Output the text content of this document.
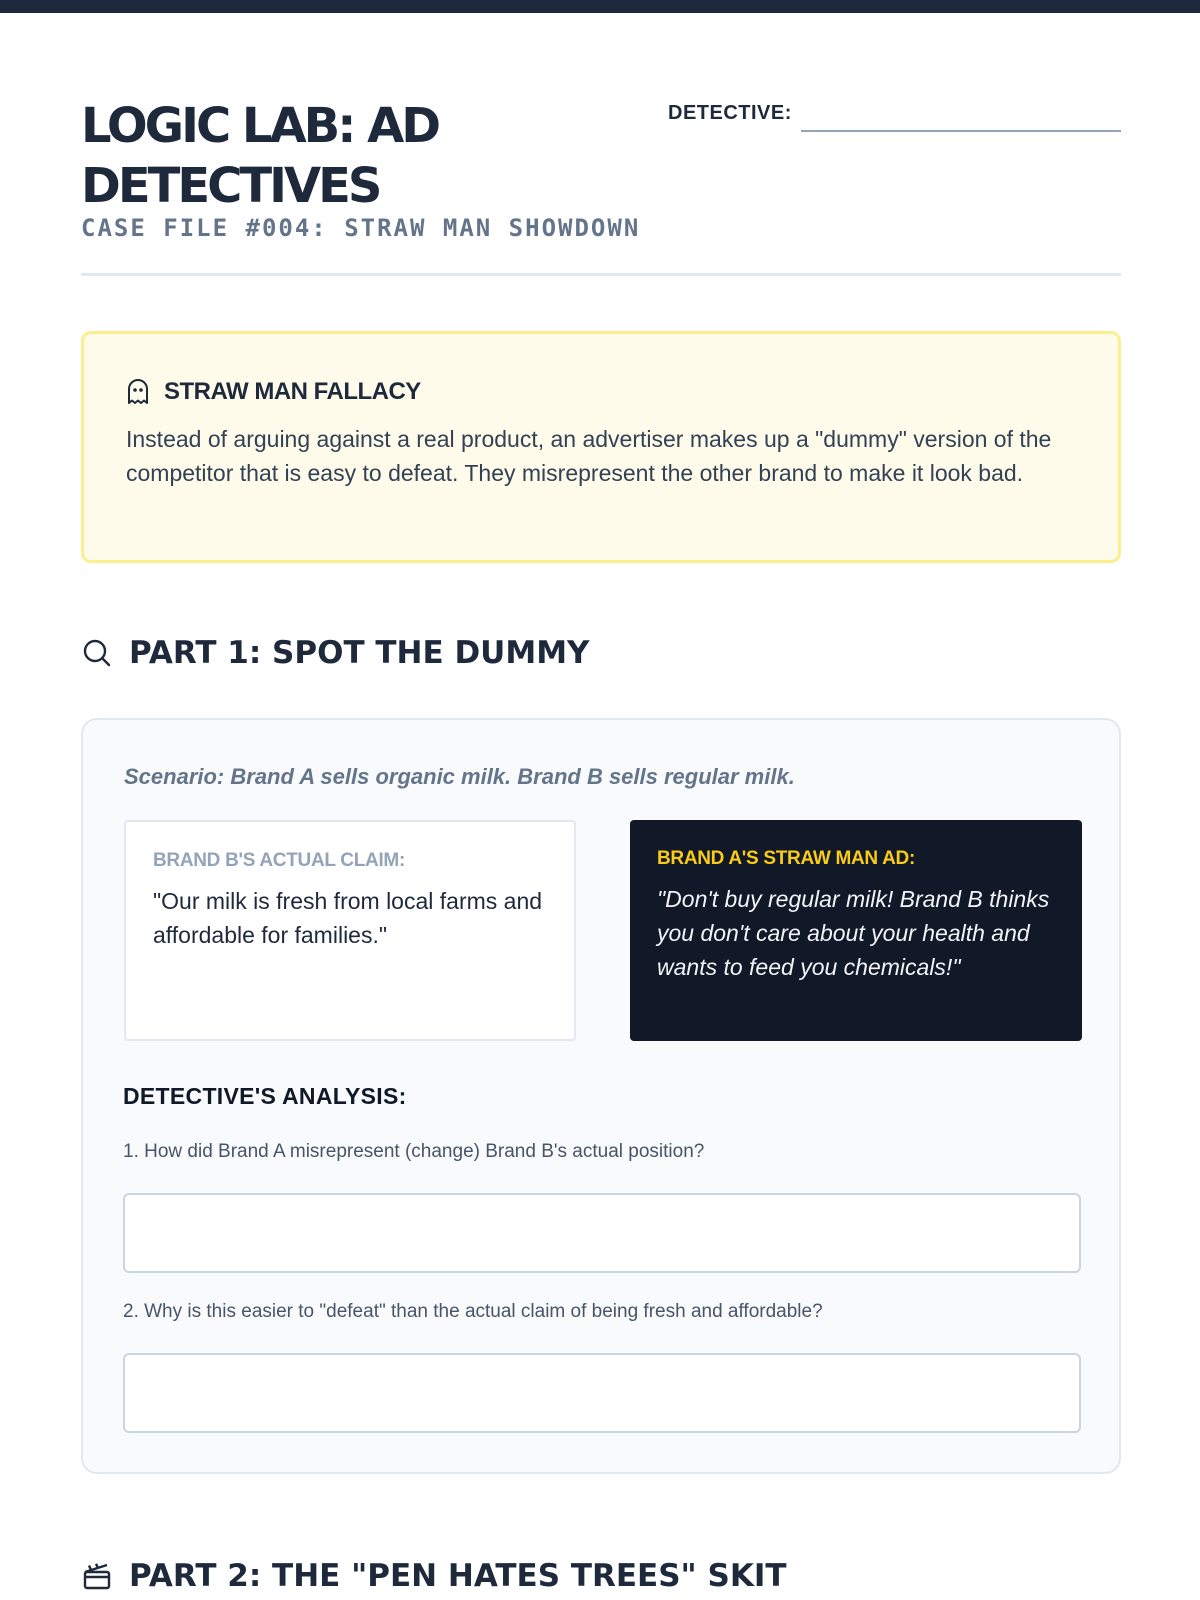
LOGIC LAB: AD DETECTIVES
CASE FILE #004: STRAW MAN SHOWDOWN
DETECTIVE:
STRAW MAN FALLACY
Instead of arguing against a real product, an advertiser makes up a "dummy" version of the competitor that is easy to defeat. They misrepresent the other brand to make it look bad.
PART 1: SPOT THE DUMMY
Scenario: Brand A sells organic milk. Brand B sells regular milk.
BRAND B'S ACTUAL CLAIM:
"Our milk is fresh from local farms and affordable for families."
BRAND A'S STRAW MAN AD:
"Don't buy regular milk! Brand B thinks you don't care about your health and wants to feed you chemicals!"
DETECTIVE'S ANALYSIS:
1. How did Brand A misrepresent (change) Brand B's actual position?
2. Why is this easier to "defeat" than the actual claim of being fresh and affordable?
PART 2: THE "PEN HATES TREES" SKIT
